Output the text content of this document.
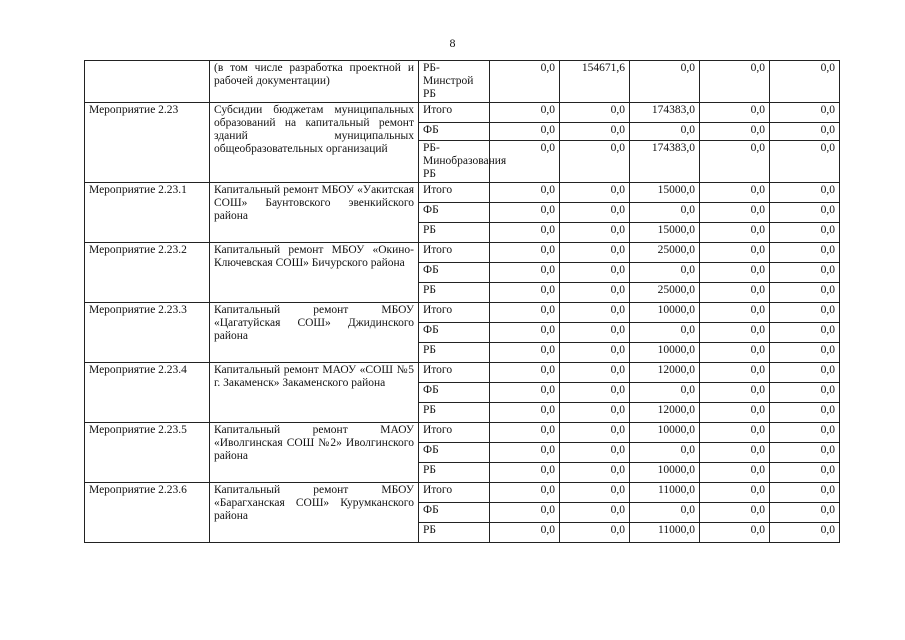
8
	(в том числе разработка проектной и рабочей документации)	РБ-Минстрой РБ	0,0	154671,6	0,0	0,0	0,0
Мероприятие 2.23	Субсидии бюджетам муниципальных образований на капитальный ремонт зданий муниципальных общеобразовательных организаций	Итого	0,0	0,0	174383,0	0,0	0,0
		ФБ	0,0	0,0	0,0	0,0	0,0
		РБ-Минобразования РБ	0,0	0,0	174383,0	0,0	0,0
Мероприятие 2.23.1	Капитальный ремонт МБОУ «Уакитская СОШ» Баунтовского эвенкийского района	Итого	0,0	0,0	15000,0	0,0	0,0
		ФБ	0,0	0,0	0,0	0,0	0,0
		РБ	0,0	0,0	15000,0	0,0	0,0
Мероприятие 2.23.2	Капитальный ремонт МБОУ «Окино-Ключевская СОШ» Бичурского района	Итого	0,0	0,0	25000,0	0,0	0,0
		ФБ	0,0	0,0	0,0	0,0	0,0
		РБ	0,0	0,0	25000,0	0,0	0,0
Мероприятие 2.23.3	Капитальный ремонт МБОУ «Цагатуйская СОШ» Джидинского района	Итого	0,0	0,0	10000,0	0,0	0,0
		ФБ	0,0	0,0	0,0	0,0	0,0
		РБ	0,0	0,0	10000,0	0,0	0,0
Мероприятие 2.23.4	Капитальный ремонт МАОУ «СОШ №5 г. Закаменск» Закаменского района	Итого	0,0	0,0	12000,0	0,0	0,0
		ФБ	0,0	0,0	0,0	0,0	0,0
		РБ	0,0	0,0	12000,0	0,0	0,0
Мероприятие 2.23.5	Капитальный ремонт МАОУ «Иволгинская СОШ №2» Иволгинского района	Итого	0,0	0,0	10000,0	0,0	0,0
		ФБ	0,0	0,0	0,0	0,0	0,0
		РБ	0,0	0,0	10000,0	0,0	0,0
Мероприятие 2.23.6	Капитальный ремонт МБОУ «Барагханская СОШ» Курумканского района	Итого	0,0	0,0	11000,0	0,0	0,0
		ФБ	0,0	0,0	0,0	0,0	0,0
		РБ	0,0	0,0	11000,0	0,0	0,0
